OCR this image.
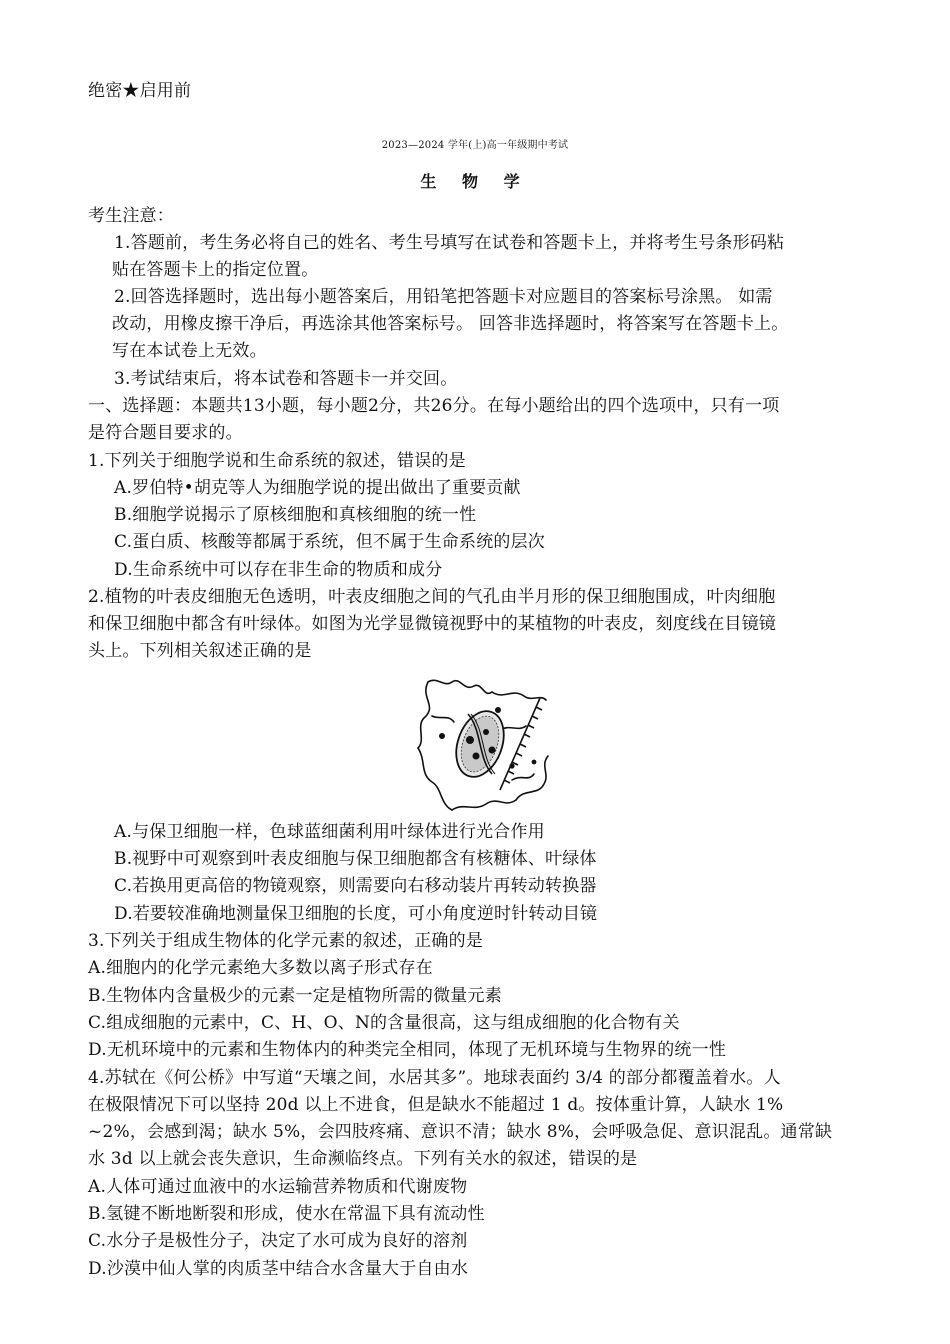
绝密★启用前
2023—2024 学年(上)高一年级期中考试
生 物 学
考生注意：
1.答题前，考生务必将自己的姓名、考生号填写在试卷和答题卡上，并将考生号条形码粘
贴在答题卡上的指定位置。
2.回答选择题时，选出每小题答案后，用铅笔把答题卡对应题目的答案标号涂黑。 如需
改动，用橡皮擦干净后，再选涂其他答案标号。 回答非选择题时，将答案写在答题卡上。
写在本试卷上无效。
3.考试结束后，将本试卷和答题卡一并交回。
一、选择题：本题共13小题，每小题2分，共26分。在每小题给出的四个选项中，只有一项
是符合题目要求的。
1.下列关于细胞学说和生命系统的叙述，错误的是
A.罗伯特•胡克等人为细胞学说的提出做出了重要贡献
B.细胞学说揭示了原核细胞和真核细胞的统一性
C.蛋白质、核酸等都属于系统，但不属于生命系统的层次
D.生命系统中可以存在非生命的物质和成分
2.植物的叶表皮细胞无色透明，叶表皮细胞之间的气孔由半月形的保卫细胞围成，叶肉细胞
和保卫细胞中都含有叶绿体。如图为光学显微镜视野中的某植物的叶表皮，刻度线在目镜镜
头上。下列相关叙述正确的是
A.与保卫细胞一样，色球蓝细菌利用叶绿体进行光合作用
B.视野中可观察到叶表皮细胞与保卫细胞都含有核糖体、叶绿体
C.若换用更高倍的物镜观察，则需要向右移动装片再转动转换器
D.若要较准确地测量保卫细胞的长度，可小角度逆时针转动目镜
3.下列关于组成生物体的化学元素的叙述，正确的是
A.细胞内的化学元素绝大多数以离子形式存在
B.生物体内含量极少的元素一定是植物所需的微量元素
C.组成细胞的元素中，C、H、O、N的含量很高，这与组成细胞的化合物有关
D.无机环境中的元素和生物体内的种类完全相同，体现了无机环境与生物界的统一性
4.苏轼在《何公桥》中写道“天壤之间，水居其多”。地球表面约 3/4 的部分都覆盖着水。人
在极限情况下可以坚持 20d 以上不进食，但是缺水不能超过 1 d。按体重计算，人缺水 1%
~2%，会感到渴；缺水 5%，会四肢疼痛、意识不清；缺水 8%，会呼吸急促、意识混乱。通常缺
水 3d 以上就会丧失意识，生命濒临终点。下列有关水的叙述，错误的是
A.人体可通过血液中的水运输营养物质和代谢废物
B.氢键不断地断裂和形成，使水在常温下具有流动性
C.水分子是极性分子，决定了水可成为良好的溶剂
D.沙漠中仙人掌的肉质茎中结合水含量大于自由水
